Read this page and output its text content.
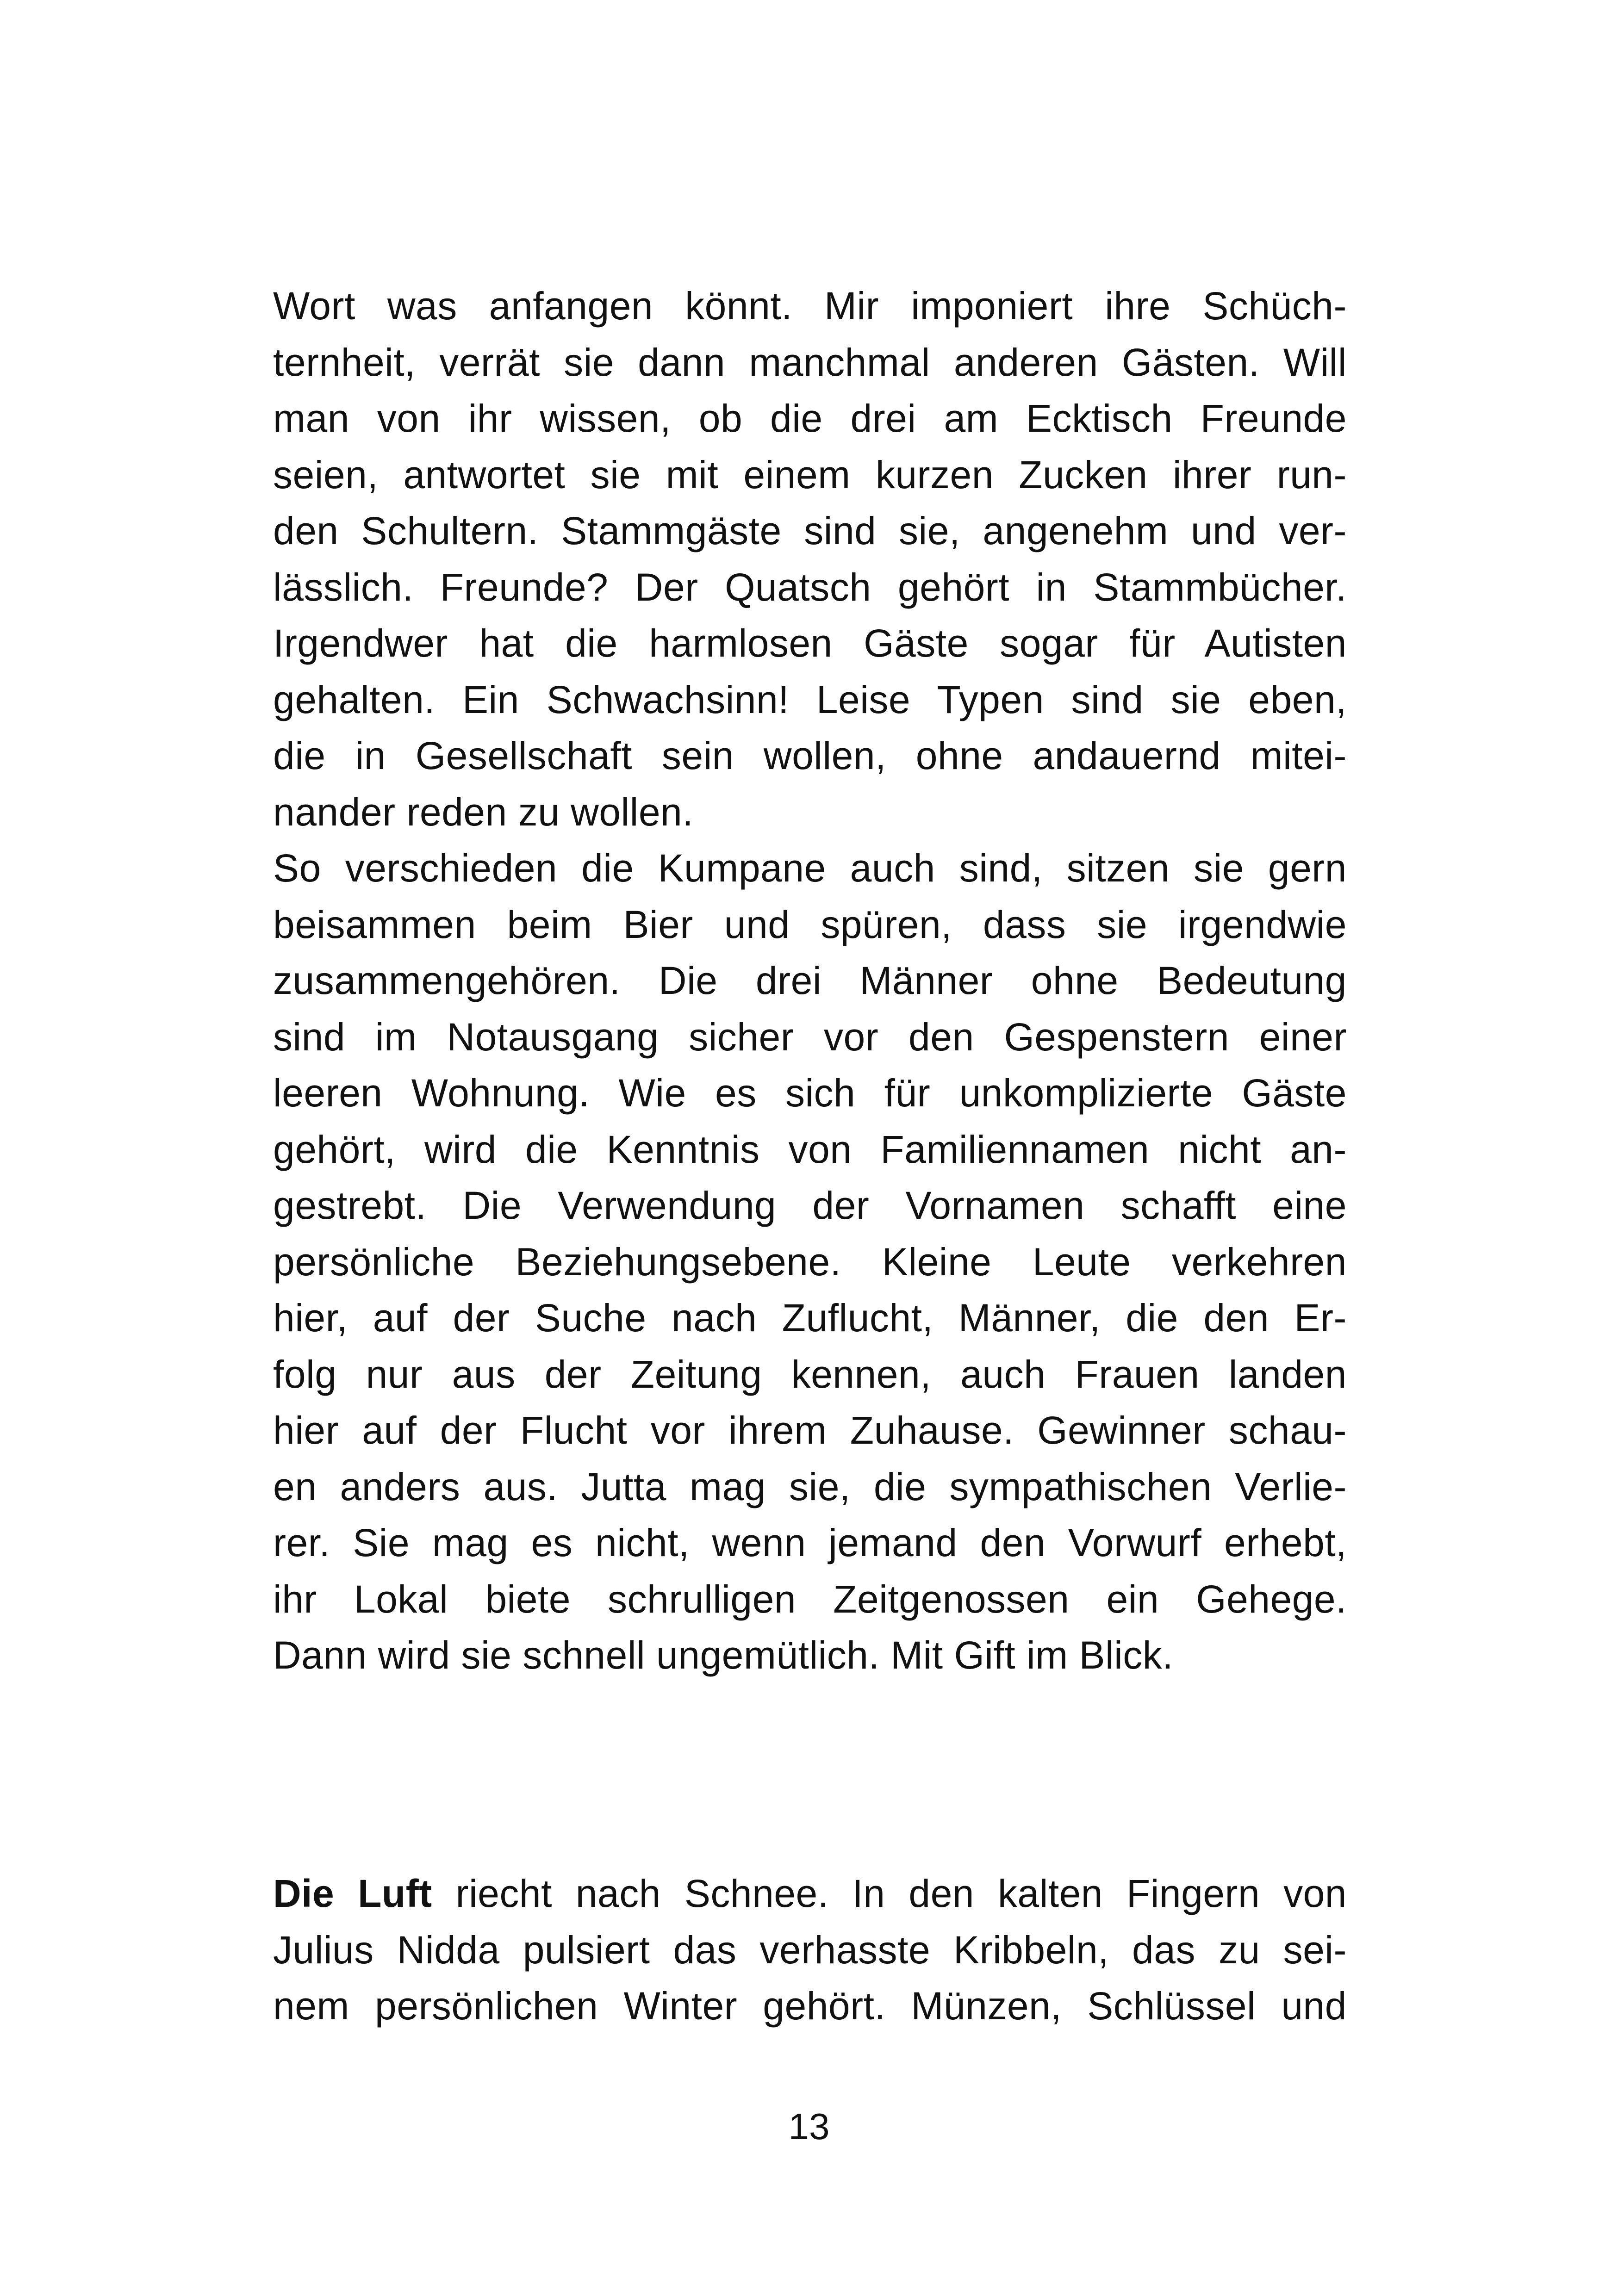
Wort was anfangen könnt. Mir imponiert ihre Schüch-
ternheit, verrät sie dann manchmal anderen Gästen. Will
man von ihr wissen, ob die drei am Ecktisch Freunde
seien, antwortet sie mit einem kurzen Zucken ihrer run-
den Schultern. Stammgäste sind sie, angenehm und ver-
lässlich. Freunde? Der Quatsch gehört in Stammbücher.
Irgendwer hat die harmlosen Gäste sogar für Autisten
gehalten. Ein Schwachsinn! Leise Typen sind sie eben,
die in Gesellschaft sein wollen, ohne andauernd mitei-
nander reden zu wollen.
So verschieden die Kumpane auch sind, sitzen sie gern
beisammen beim Bier und spüren, dass sie irgendwie
zusammengehören. Die drei Männer ohne Bedeutung
sind im Notausgang sicher vor den Gespenstern einer
leeren Wohnung. Wie es sich für unkomplizierte Gäste
gehört, wird die Kenntnis von Familiennamen nicht an-
gestrebt. Die Verwendung der Vornamen schafft eine
persönliche Beziehungsebene. Kleine Leute verkehren
hier, auf der Suche nach Zuflucht, Männer, die den Er-
folg nur aus der Zeitung kennen, auch Frauen landen
hier auf der Flucht vor ihrem Zuhause. Gewinner schau-
en anders aus. Jutta mag sie, die sympathischen Verlie-
rer. Sie mag es nicht, wenn jemand den Vorwurf erhebt,
ihr Lokal biete schrulligen Zeitgenossen ein Gehege.
Dann wird sie schnell ungemütlich. Mit Gift im Blick.
Die Luft riecht nach Schnee. In den kalten Fingern von
Julius Nidda pulsiert das verhasste Kribbeln, das zu sei-
nem persönlichen Winter gehört. Münzen, Schlüssel und
13
